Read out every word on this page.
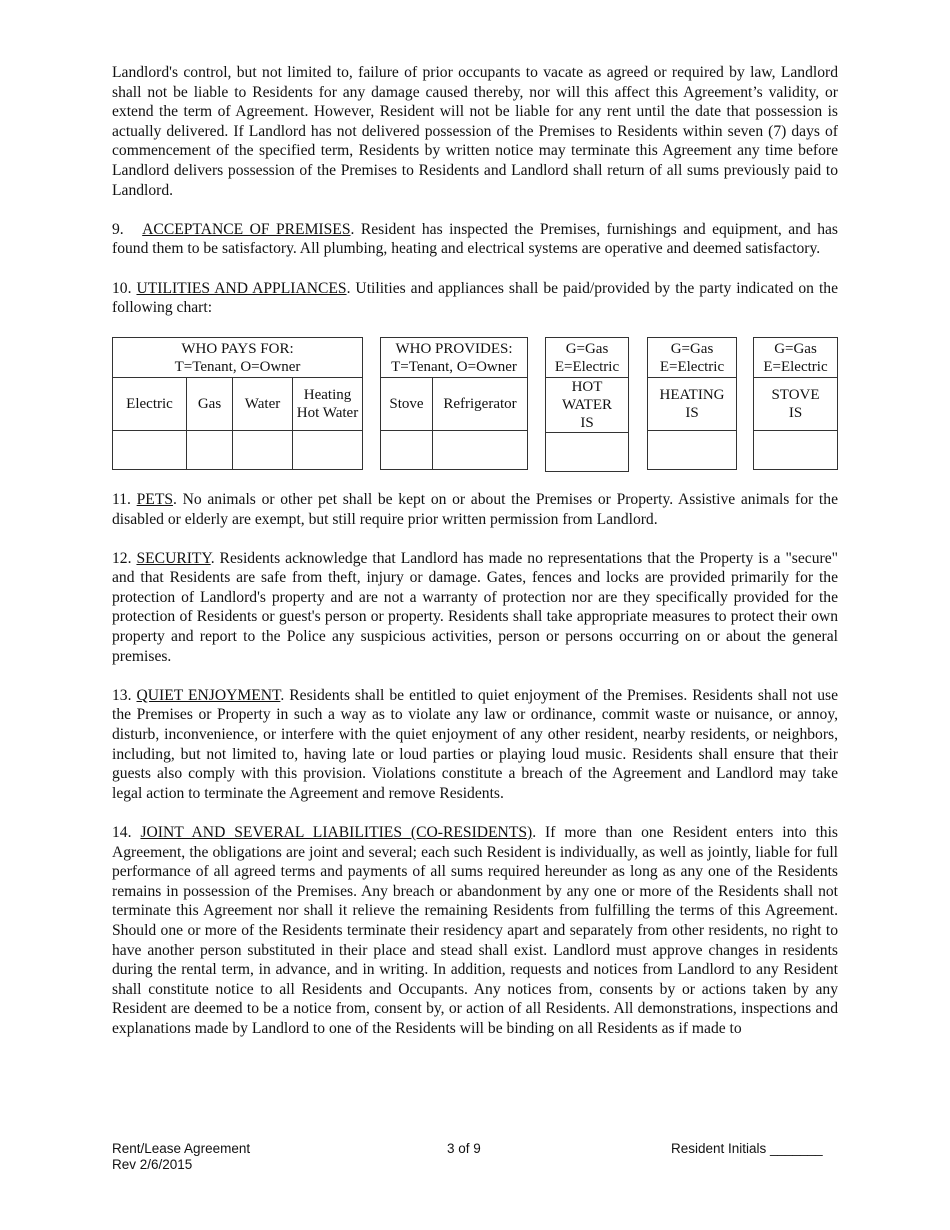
Landlord's control, but not limited to, failure of prior occupants to vacate as agreed or required by law, Landlord shall not be liable to Residents for any damage caused thereby, nor will this affect this Agreement’s validity, or extend the term of Agreement. However, Resident will not be liable for any rent until the date that possession is actually delivered. If Landlord has not delivered possession of the Premises to Residents within seven (7) days of commencement of the specified term, Residents by written notice may terminate this Agreement any time before Landlord delivers possession of the Premises to Residents and Landlord shall return of all sums previously paid to Landlord.

9. ACCEPTANCE OF PREMISES. Resident has inspected the Premises, furnishings and equipment, and has found them to be satisfactory. All plumbing, heating and electrical systems are operative and deemed satisfactory.

10. UTILITIES AND APPLIANCES. Utilities and appliances shall be paid/provided by the party indicated on the following chart:

WHO PAYS FOR:
T=Tenant, O=Owner			
Electric	Gas	Water	Heating Hot Water

WHO PROVIDES:
T=Tenant, O=Owner	
Stove	Refrigerator

G=Gas
E=Electric
HOT WATER IS

G=Gas
E=Electric
HEATING IS

G=Gas
E=Electric
STOVE IS

11. PETS. No animals or other pet shall be kept on or about the Premises or Property. Assistive animals for the disabled or elderly are exempt, but still require prior written permission from Landlord.

12. SECURITY. Residents acknowledge that Landlord has made no representations that the Property is a "secure" and that Residents are safe from theft, injury or damage. Gates, fences and locks are provided primarily for the protection of Landlord's property and are not a warranty of protection nor are they specifically provided for the protection of Residents or guest's person or property. Residents shall take appropriate measures to protect their own property and report to the Police any suspicious activities, person or persons occurring on or about the general premises.

13. QUIET ENJOYMENT. Residents shall be entitled to quiet enjoyment of the Premises. Residents shall not use the Premises or Property in such a way as to violate any law or ordinance, commit waste or nuisance, or annoy, disturb, inconvenience, or interfere with the quiet enjoyment of any other resident, nearby residents, or neighbors, including, but not limited to, having late or loud parties or playing loud music. Residents shall ensure that their guests also comply with this provision. Violations constitute a breach of the Agreement and Landlord may take legal action to terminate the Agreement and remove Residents.

14. JOINT AND SEVERAL LIABILITIES (CO-RESIDENTS). If more than one Resident enters into this Agreement, the obligations are joint and several; each such Resident is individually, as well as jointly, liable for full performance of all agreed terms and payments of all sums required hereunder as long as any one of the Residents remains in possession of the Premises. Any breach or abandonment by any one or more of the Residents shall not terminate this Agreement nor shall it relieve the remaining Residents from fulfilling the terms of this Agreement. Should one or more of the Residents terminate their residency apart and separately from other residents, no right to have another person substituted in their place and stead shall exist. Landlord must approve changes in residents during the rental term, in advance, and in writing. In addition, requests and notices from Landlord to any Resident shall constitute notice to all Residents and Occupants. Any notices from, consents by or actions taken by any Resident are deemed to be a notice from, consent by, or action of all Residents. All demonstrations, inspections and explanations made by Landlord to one of the Residents will be binding on all Residents as if made to

Rent/Lease Agreement
Rev 2/6/2015
3 of 9	Resident Initials _______
